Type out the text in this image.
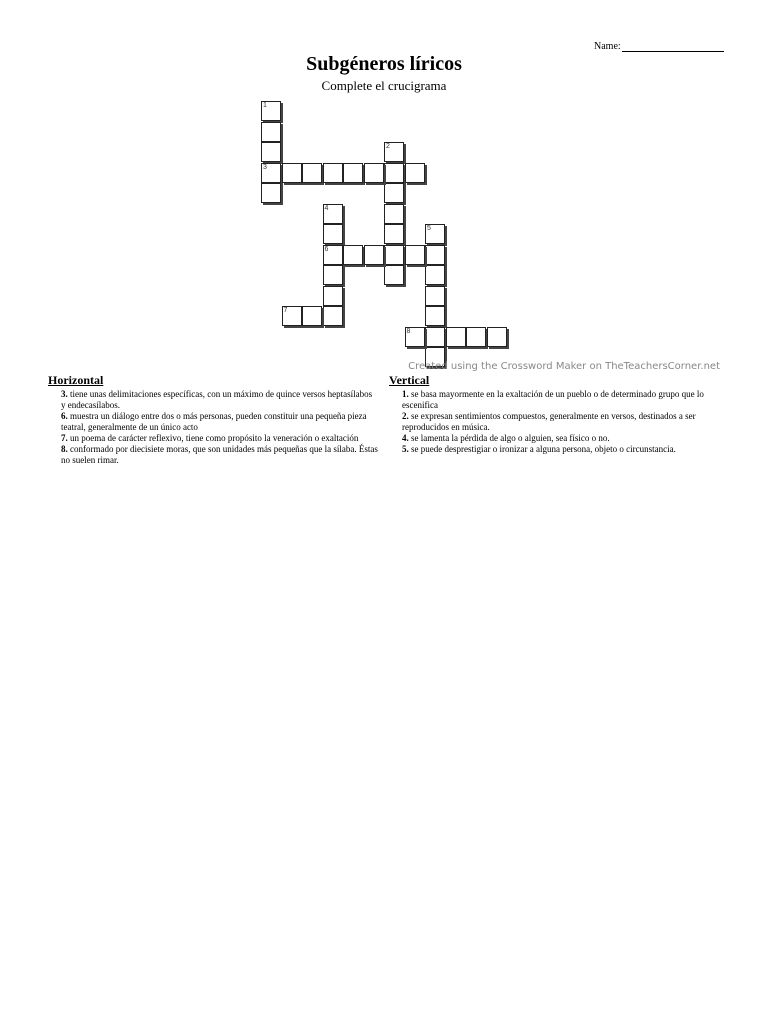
Name:
Subgéneros líricos
Complete el crucigrama
1
3
2
4
6
5
7
8
Created using the Crossword Maker on TheTeachersCorner.net
Horizontal

3. tiene unas delimitaciones específicas, con un máximo de quince versos heptasílabos y endecasílabos.

6. muestra un diálogo entre dos o más personas, pueden constituir una pequeña pieza teatral, generalmente de un único acto

7. un poema de carácter reflexivo, tiene como propósito la veneración o exaltación

8. conformado por diecisiete moras, que son unidades más pequeñas que la sílaba. Éstas no suelen rimar.

Vertical

1. se basa mayormente en la exaltación de un pueblo o de determinado grupo que lo escenifica

2. se expresan sentimientos compuestos, generalmente en versos, destinados a ser reproducidos en música.

4. se lamenta la pérdida de algo o alguien, sea físico o no.

5. se puede desprestigiar o ironizar a alguna persona, objeto o circunstancia.
